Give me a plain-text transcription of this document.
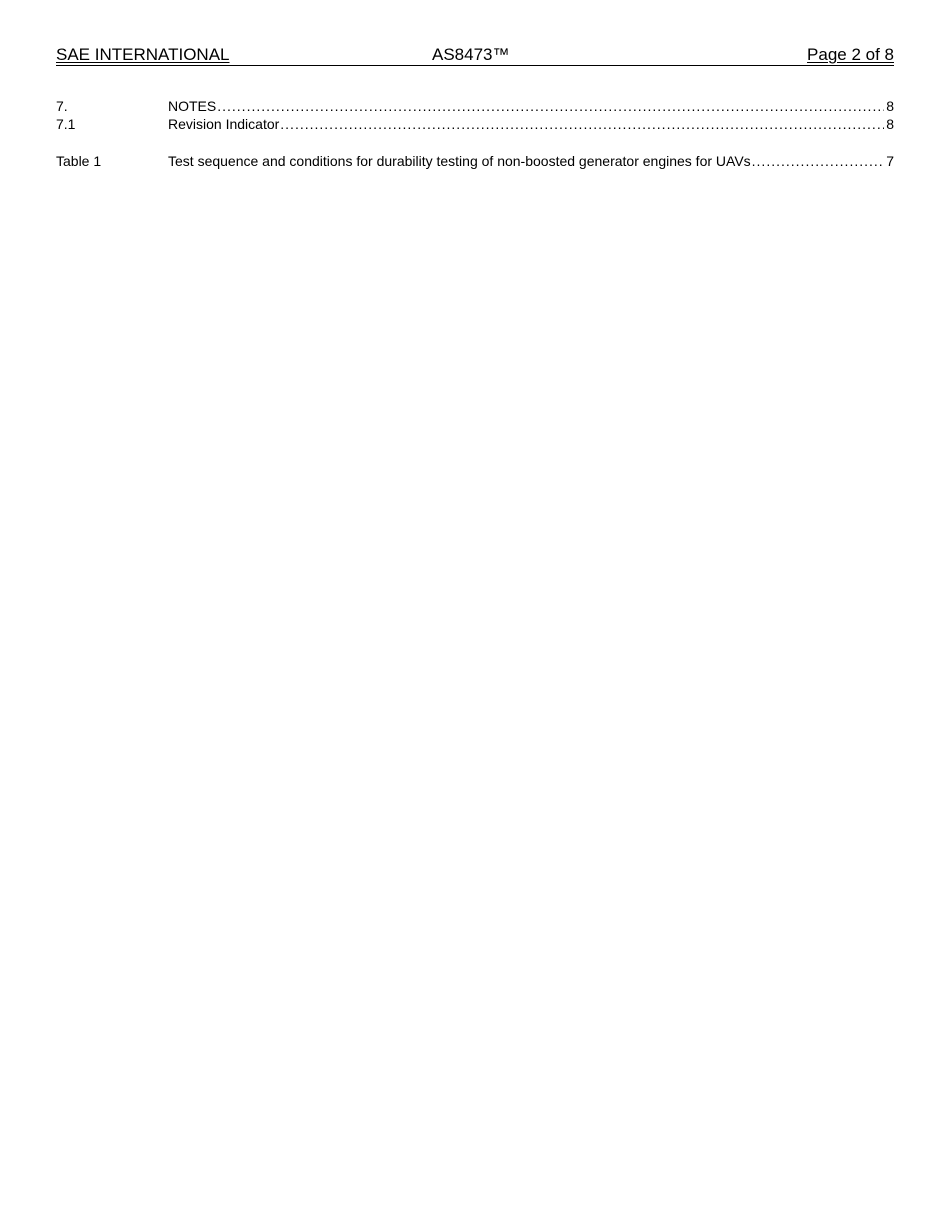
SAE INTERNATIONAL	AS8473™	Page 2 of 8
7.	NOTES .....	8
7.1	Revision Indicator .....	8
Table 1	Test sequence and conditions for durability testing of non-boosted generator engines for UAVs .....	7
